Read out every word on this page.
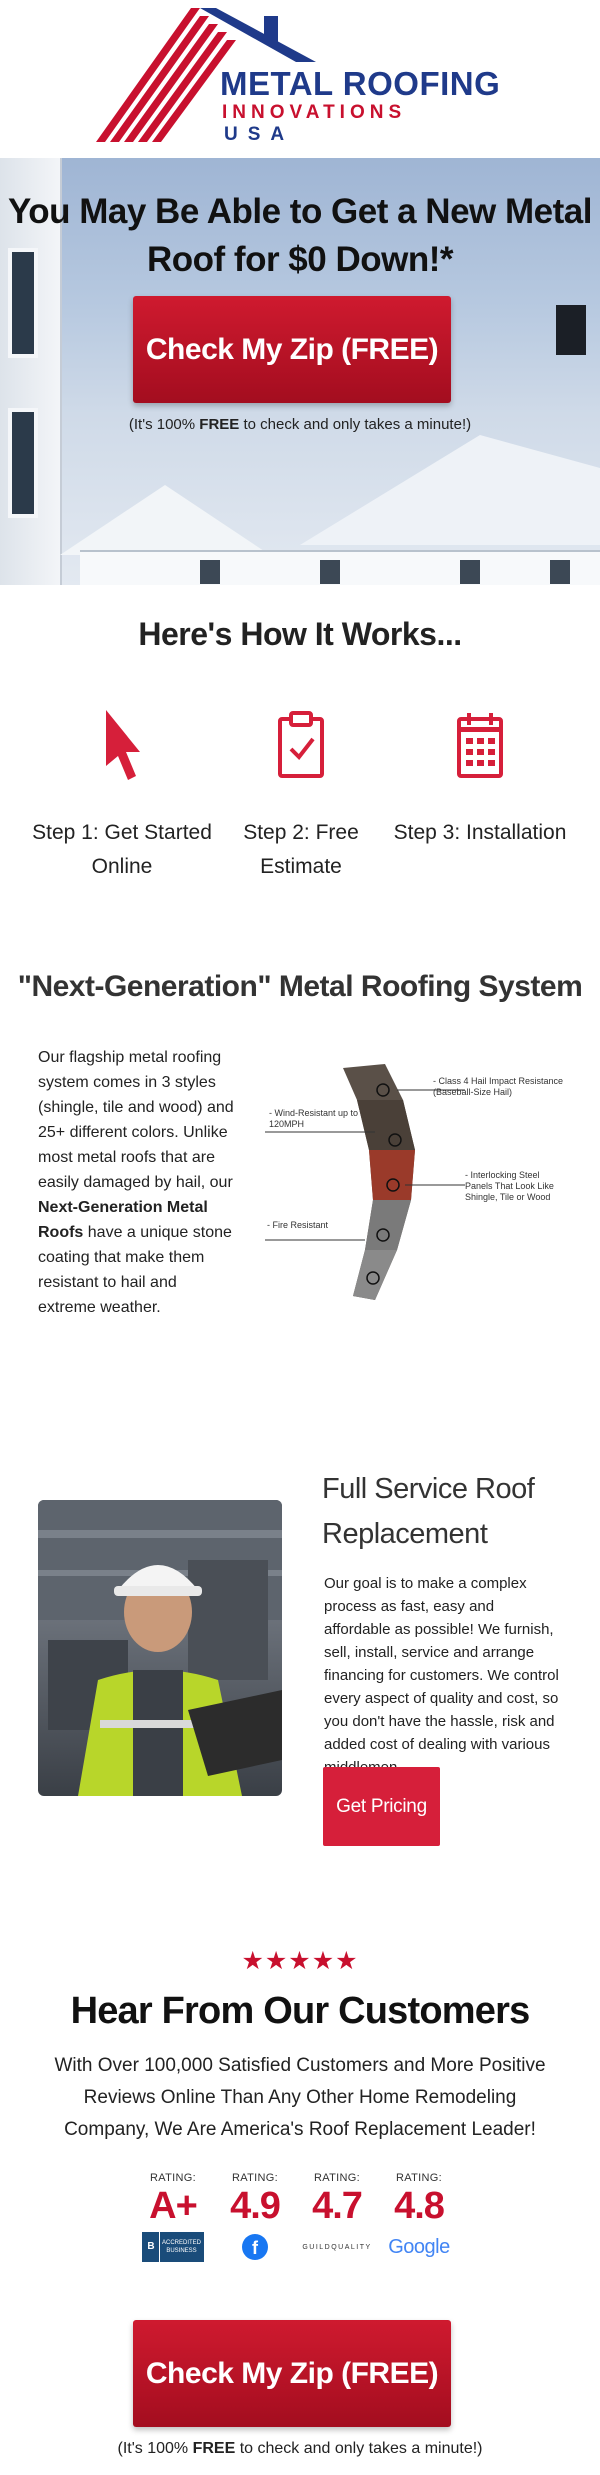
METAL ROOFING
INNOVATIONS
USA
You May Be Able to Get a New Metal Roof for $0 Down!*
Check My Zip (FREE)
(It's 100% FREE to check and only takes a minute!)
Here's How It Works...
Step 1: Get Started Online
Step 2: Free Estimate
Step 3: Installation
"Next-Generation" Metal Roofing System
Our flagship metal roofing system comes in 3 styles (shingle, tile and wood) and 25+ different colors. Unlike most metal roofs that are easily damaged by hail, our Next-Generation Metal Roofs have a unique stone coating that make them resistant to hail and extreme weather.
- Class 4 Hail Impact Resistance (Baseball-Size Hail)
- Wind-Resistant up to 120MPH
- Interlocking Steel Panels That Look Like Shingle, Tile or Wood
- Fire Resistant
Full Service Roof Replacement
Our goal is to make a complex process as fast, easy and affordable as possible! We furnish, sell, install, service and arrange financing for customers. We control every aspect of quality and cost, so you don't have the hassle, risk and added cost of dealing with various
Get Pricing
★★★★★
Hear From Our Customers
With Over 100,000 Satisfied Customers and More Positive Reviews Online Than Any Other Home Remodeling Company, We Are America's Roof Replacement Leader!
RATING:
A+
B	ACCREDITED BUSINESS
RATING:
4.9
f
RATING:
4.7
GUILDQUALITY
RATING:
4.8
Google
Check My Zip (FREE)
(It's 100% FREE to check and only takes a minute!)
